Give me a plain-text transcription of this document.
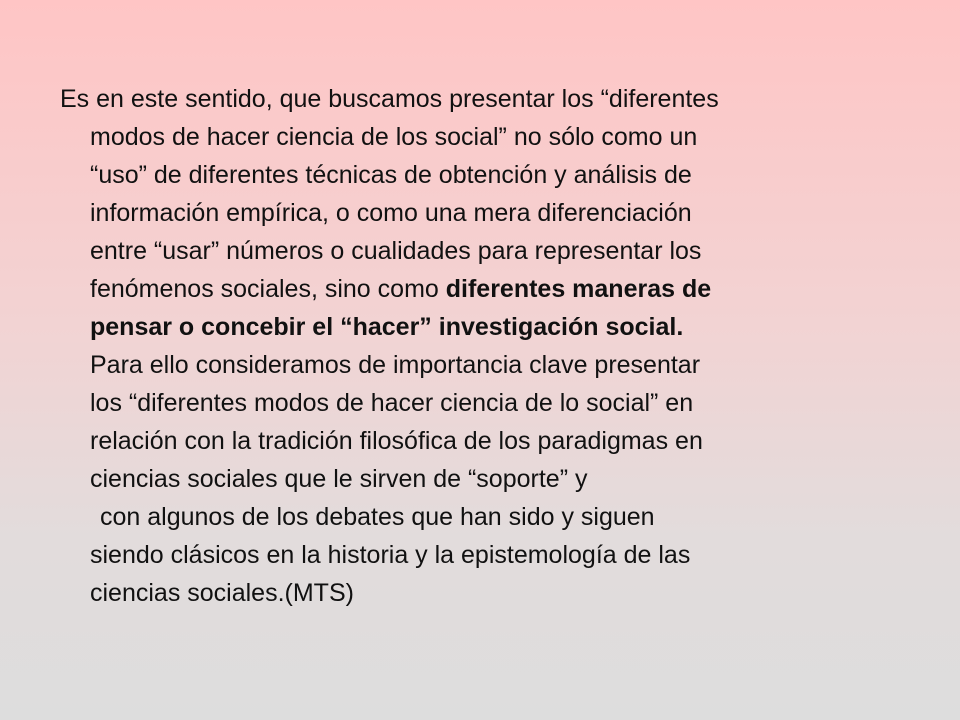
Es en este sentido, que buscamos presentar los “diferentes
modos de hacer ciencia de los social” no sólo como un
“uso” de diferentes técnicas de obtención y análisis de
información empírica, o como una mera diferenciación
entre “usar” números o cualidades para representar los
fenómenos sociales, sino como diferentes maneras de
pensar o concebir el “hacer” investigación social.
Para ello consideramos de importancia clave presentar
los “diferentes modos de hacer ciencia de lo social” en
relación con la tradición filosófica de los paradigmas en
ciencias sociales que le sirven de “soporte” y
con algunos de los debates que han sido y siguen
siendo clásicos en la historia y la epistemología de las
ciencias sociales.(MTS)
